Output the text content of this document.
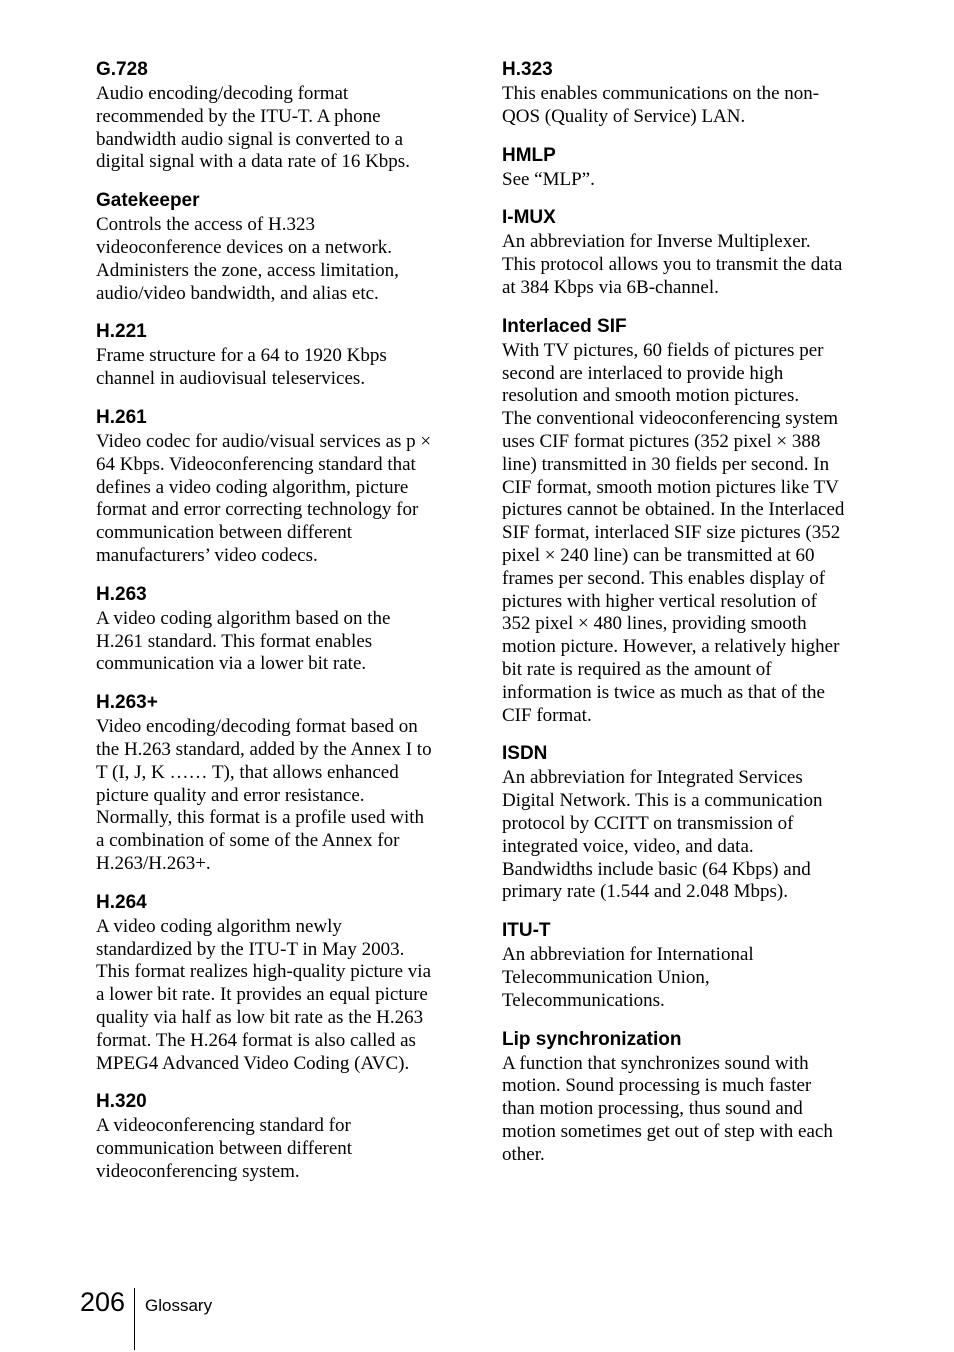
G.728

Audio encoding/decoding format
recommended by the ITU-T. A phone
bandwidth audio signal is converted to a
digital signal with a data rate of 16 Kbps.

Gatekeeper

Controls the access of H.323
videoconference devices on a network.
Administers the zone, access limitation,
audio/video bandwidth, and alias etc.

H.221

Frame structure for a 64 to 1920 Kbps
channel in audiovisual teleservices.

H.261

Video codec for audio/visual services as p ×
64 Kbps. Videoconferencing standard that
defines a video coding algorithm, picture
format and error correcting technology for
communication between different
manufacturers’ video codecs.

H.263

A video coding algorithm based on the
H.261 standard. This format enables
communication via a lower bit rate.

H.263+

Video encoding/decoding format based on
the H.263 standard, added by the Annex I to
T (I, J, K …… T), that allows enhanced
picture quality and error resistance.
Normally, this format is a profile used with
a combination of some of the Annex for
H.263/H.263+.

H.264

A video coding algorithm newly
standardized by the ITU-T in May 2003.
This format realizes high-quality picture via
a lower bit rate. It provides an equal picture
quality via half as low bit rate as the H.263
format. The H.264 format is also called as
MPEG4 Advanced Video Coding (AVC).

H.320

A videoconferencing standard for
communication between different
videoconferencing system.

H.323

This enables communications on the non-
QOS (Quality of Service) LAN.

HMLP

See “MLP”.

I-MUX

An abbreviation for Inverse Multiplexer.
This protocol allows you to transmit the data
at 384 Kbps via 6B-channel.

Interlaced SIF

With TV pictures, 60 fields of pictures per
second are interlaced to provide high
resolution and smooth motion pictures.
The conventional videoconferencing system
uses CIF format pictures (352 pixel × 388
line) transmitted in 30 fields per second. In
CIF format, smooth motion pictures like TV
pictures cannot be obtained. In the Interlaced
SIF format, interlaced SIF size pictures (352
pixel × 240 line) can be transmitted at 60
frames per second. This enables display of
pictures with higher vertical resolution of
352 pixel × 480 lines, providing smooth
motion picture. However, a relatively higher
bit rate is required as the amount of
information is twice as much as that of the
CIF format.

ISDN

An abbreviation for Integrated Services
Digital Network. This is a communication
protocol by CCITT on transmission of
integrated voice, video, and data.
Bandwidths include basic (64 Kbps) and
primary rate (1.544 and 2.048 Mbps).

ITU-T

An abbreviation for International
Telecommunication Union,
Telecommunications.

Lip synchronization

A function that synchronizes sound with
motion. Sound processing is much faster
than motion processing, thus sound and
motion sometimes get out of step with each
other.

206 Glossary
